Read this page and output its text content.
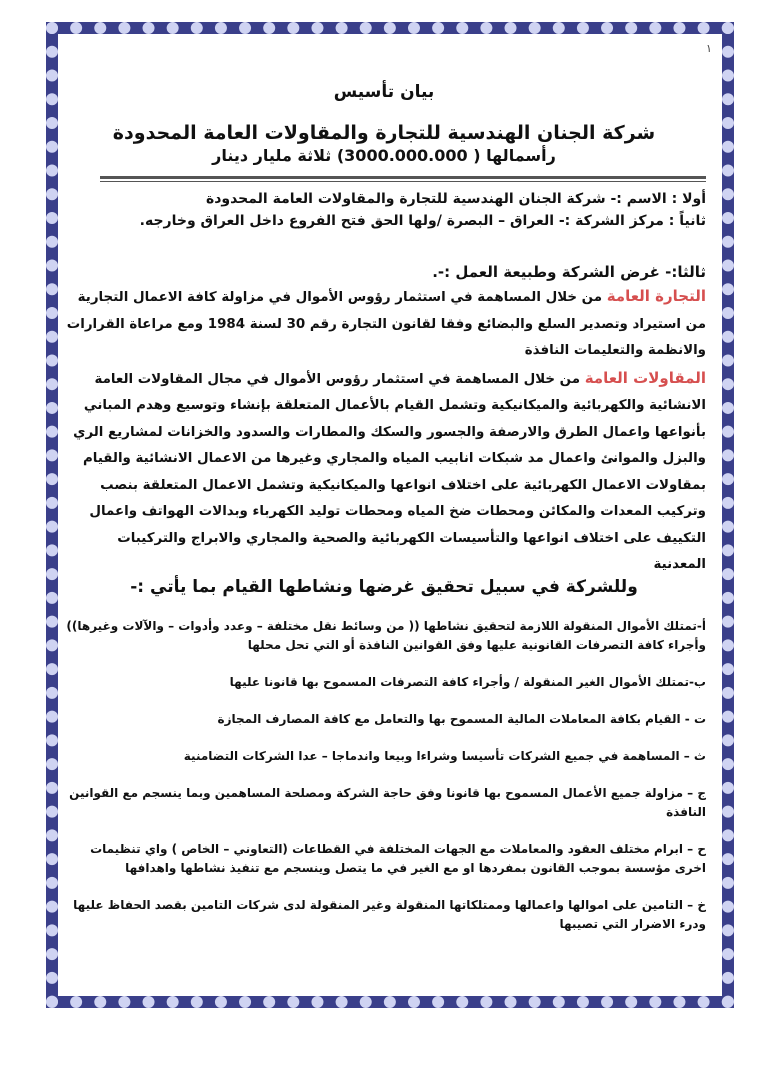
١
بيان تأسيس
شركة الجنان الهندسية للتجارة والمقاولات العامة المحدودة
رأسمالها ( 3000.000.000) ثلاثة مليار دينار
أولا : الاسم :- شركة الجنان الهندسية للتجارة والمقاولات العامة المحدودة
ثانياً : مركز الشركة :- العراق – البصرة /ولها الحق فتح الفروع داخل العراق وخارجه.
ثالثا:- غرض الشركة وطبيعة العمل :-.
التجارة العامة من خلال المساهمة في استثمار رؤوس الأموال في مزاولة كافة الاعمال التجارية من استيراد وتصدير السلع والبضائع وفقا لقانون التجارة رقم 30 لسنة 1984 ومع مراعاة القرارات والانظمة والتعليمات النافذة
المقاولات العامة من خلال المساهمة في استثمار رؤوس الأموال في مجال المقاولات العامة الانشائية والكهربائية والميكانيكية وتشمل القيام بالأعمال المتعلقة بإنشاء وتوسيع وهدم المباني بأنواعها واعمال الطرق والارصفة والجسور والسكك والمطارات والسدود والخزانات لمشاريع الري والبزل والموانئ واعمال مد شبكات انابيب المياه والمجاري وغيرها من الاعمال الانشائية والقيام بمقاولات الاعمال الكهربائية على اختلاف انواعها والميكانيكية وتشمل الاعمال المتعلقة بنصب وتركيب المعدات والمكائن ومحطات ضخ المياه ومحطات توليد الكهرباء وبدالات الهواتف واعمال التكييف على اختلاف انواعها والتأسيسات الكهربائية والصحية والمجاري والابراج والتركيبات المعدنية
وللشركة في سبيل تحقيق غرضها ونشاطها القيام بما يأتي :-
أ-تمتلك الأموال المنقولة اللازمة لتحقيق نشاطها (( من وسائط نقل مختلفة – وعدد وأدوات – والآلات وغيرها)) وأجراء كافة التصرفات القانونية عليها وفق القوانين النافذة أو التي تحل محلها
ب-تمتلك الأموال الغير المنقولة / وأجراء كافة التصرفات المسموح بها قانونا عليها
ت - القيام بكافة المعاملات المالية المسموح بها والتعامل مع كافة المصارف المجازة
ث – المساهمة في جميع الشركات تأسيسا وشراءا وبيعا واندماجا – عدا الشركات التضامنية
ج – مزاولة جميع الأعمال المسموح بها قانونا وفق حاجة الشركة ومصلحة المساهمين وبما ينسجم مع القوانين النافذة
ح – ابرام مختلف العقود والمعاملات مع الجهات المختلفة في القطاعات (التعاوني – الخاص ) واي تنظيمات اخرى مؤسسة بموجب القانون بمفردها او مع الغير في ما يتصل وينسجم مع تنفيذ نشاطها واهدافها
خ – التامين على اموالها واعمالها وممتلكاتها المنقولة وغير المنقولة لدى شركات التامين بقصد الحفاظ عليها ودرء الاضرار التي تصيبها
